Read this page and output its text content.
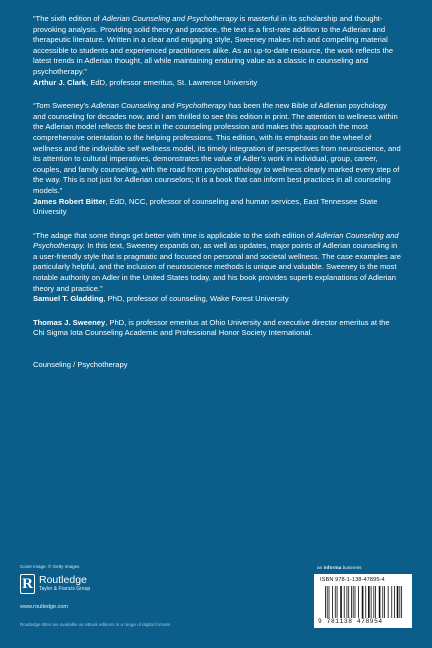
“The sixth edition of Adlerian Counseling and Psychotherapy is masterful in its scholarship and thought-provoking analysis. Providing solid theory and practice, the text is a first-rate addition to the Adlerian and therapeutic literature. Written in a clear and engaging style, Sweeney makes rich and compelling material accessible to students and experienced practitioners alike. As an up-to-date resource, the work reflects the latest trends in Adlerian thought, all while maintaining enduring value as a classic in counseling and psychotherapy.”

Arthur J. Clark, EdD, professor emeritus, St. Lawrence University

“Tom Sweeney’s Adlerian Counseling and Psychotherapy has been the new Bible of Adlerian psychology and counseling for decades now, and I am thrilled to see this edition in print. The attention to wellness within the Adlerian model reflects the best in the counseling profession and makes this approach the most comprehensive orientation to the helping professions. This edition, with its emphasis on the wheel of wellness and the indivisible self wellness model, its timely integration of perspectives from neuroscience, and its attention to cultural imperatives, demonstrates the value of Adler’s work in individual, group, career, couples, and family counseling, with the road from psychopathology to wellness clearly marked every step of the way. This is not just for Adlerian counselors; it is a book that can inform best practices in all counseling models.”

James Robert Bitter, EdD, NCC, professor of counseling and human services, East Tennessee State University

“The adage that some things get better with time is applicable to the sixth edition of Adlerian Counseling and Psychotherapy. In this text, Sweeney expands on, as well as updates, major points of Adlerian counseling in a user-friendly style that is pragmatic and focused on personal and societal wellness. The case examples are particularly helpful, and the inclusion of neuroscience methods is unique and valuable. Sweeney is the most notable authority on Adler in the United States today, and his book provides superb explanations of Adlerian theory and practice.”

Samuel T. Gladding, PhD, professor of counseling, Wake Forest University

Thomas J. Sweeney, PhD, is professor emeritus at Ohio University and executive director emeritus at the Chi Sigma Iota Counseling Academic and Professional Honor Society International.

Counseling / Psychotherapy
Cover image: © Getty Images
R Routledge
Taylor & Francis Group
www.routledge.com
Routledge titles are available as eBook editions in a range of digital formats
an informa business
ISBN 978-1-138-47895-4
9 781138 478954
